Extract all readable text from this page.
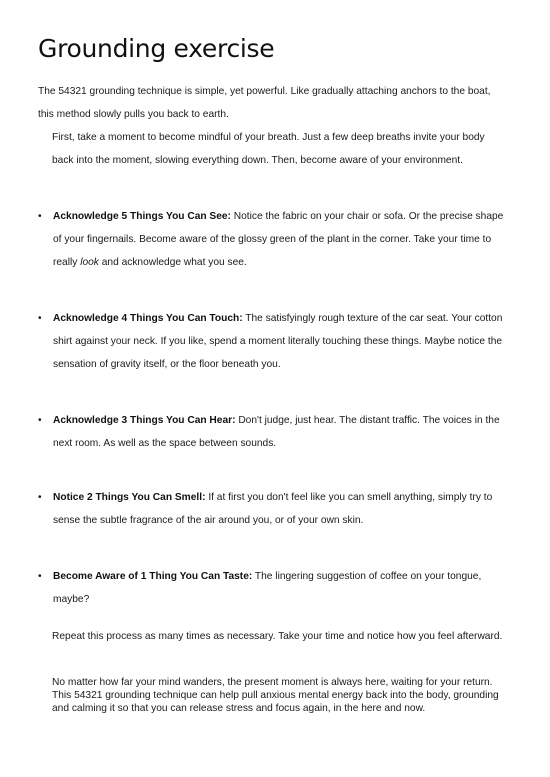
Grounding exercise

The 54321 grounding technique is simple, yet powerful. Like gradually attaching anchors to the boat, this method slowly pulls you back to earth.

First, take a moment to become mindful of your breath. Just a few deep breaths invite your body back into the moment, slowing everything down. Then, become aware of your environment.

• Acknowledge 5 Things You Can See: Notice the fabric on your chair or sofa. Or the precise shape of your fingernails. Become aware of the glossy green of the plant in the corner. Take your time to really look and acknowledge what you see.

• Acknowledge 4 Things You Can Touch: The satisfyingly rough texture of the car seat. Your cotton shirt against your neck. If you like, spend a moment literally touching these things. Maybe notice the sensation of gravity itself, or the floor beneath you.

• Acknowledge 3 Things You Can Hear: Don't judge, just hear. The distant traffic. The voices in the next room. As well as the space between sounds.

• Notice 2 Things You Can Smell: If at first you don't feel like you can smell anything, simply try to sense the subtle fragrance of the air around you, or of your own skin.

• Become Aware of 1 Thing You Can Taste: The lingering suggestion of coffee on your tongue, maybe?

Repeat this process as many times as necessary. Take your time and notice how you feel afterward.

No matter how far your mind wanders, the present moment is always here, waiting for your return. This 54321 grounding technique can help pull anxious mental energy back into the body, grounding and calming it so that you can release stress and focus again, in the here and now.
